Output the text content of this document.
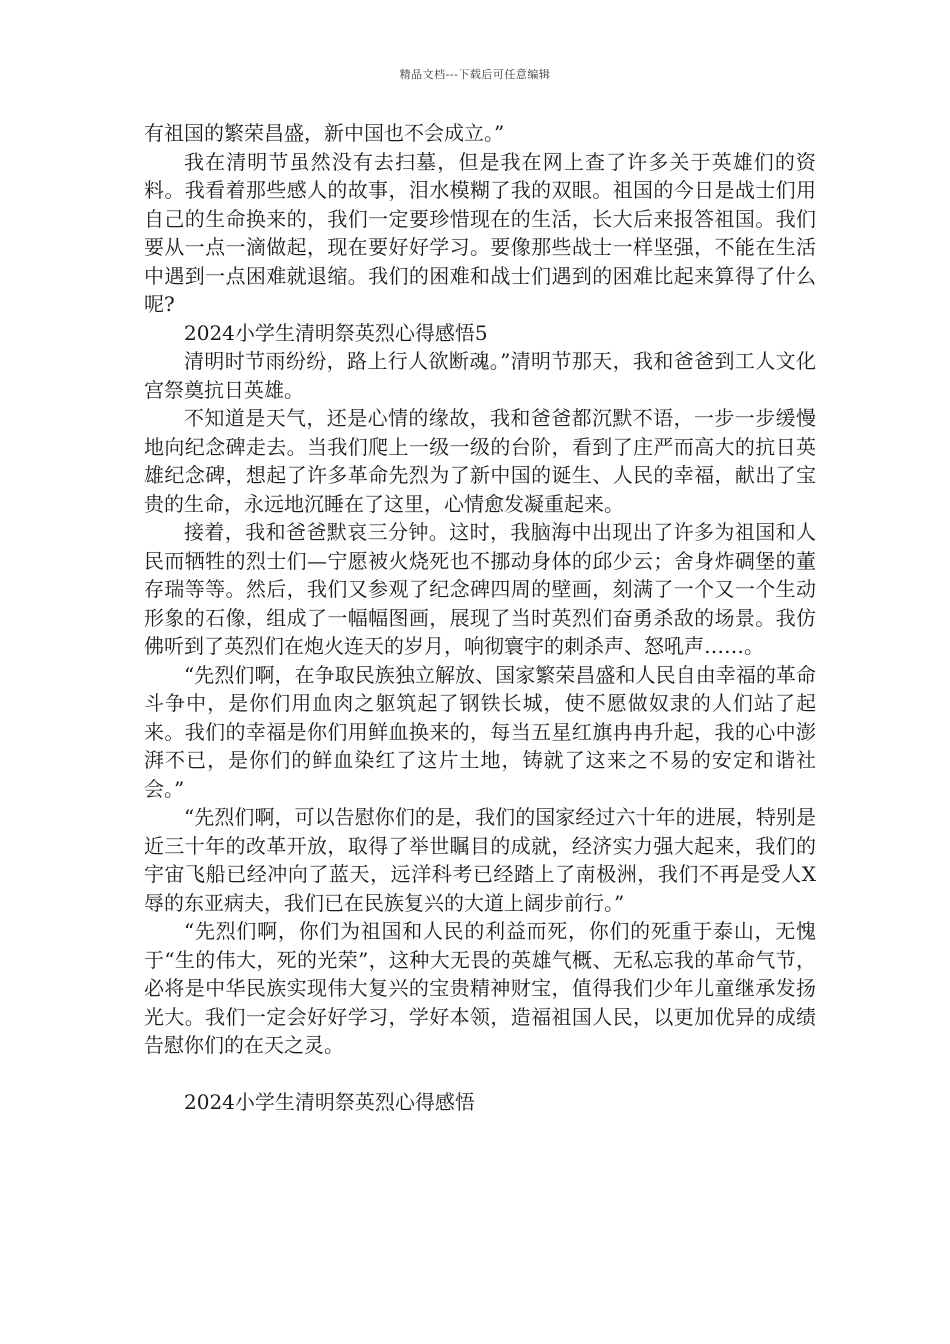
精品文档---下载后可任意编辑

有祖国的繁荣昌盛，新中国也不会成立。”

我在清明节虽然没有去扫墓，但是我在网上查了许多关于英雄们的资料。我看着那些感人的故事，泪水模糊了我的双眼。祖国的今日是战士们用自己的生命换来的，我们一定要珍惜现在的生活，长大后来报答祖国。我们要从一点一滴做起，现在要好好学习。要像那些战士一样坚强，不能在生活中遇到一点困难就退缩。我们的困难和战士们遇到的困难比起来算得了什么呢?

2024小学生清明祭英烈心得感悟5

清明时节雨纷纷，路上行人欲断魂。”清明节那天，我和爸爸到工人文化宫祭奠抗日英雄。

不知道是天气，还是心情的缘故，我和爸爸都沉默不语，一步一步缓慢地向纪念碑走去。当我们爬上一级一级的台阶，看到了庄严而高大的抗日英雄纪念碑，想起了许多革命先烈为了新中国的诞生、人民的幸福，献出了宝贵的生命，永远地沉睡在了这里，心情愈发凝重起来。

接着，我和爸爸默哀三分钟。这时，我脑海中出现出了许多为祖国和人民而牺牲的烈士们—宁愿被火烧死也不挪动身体的邱少云；舍身炸碉堡的董存瑞等等。然后，我们又参观了纪念碑四周的壁画，刻满了一个又一个生动形象的石像，组成了一幅幅图画，展现了当时英烈们奋勇杀敌的场景。我仿佛听到了英烈们在炮火连天的岁月，响彻寰宇的刺杀声、怒吼声……。

“先烈们啊，在争取民族独立解放、国家繁荣昌盛和人民自由幸福的革命斗争中，是你们用血肉之躯筑起了钢铁长城，使不愿做奴隶的人们站了起来。我们的幸福是你们用鲜血换来的，每当五星红旗冉冉升起，我的心中澎湃不已，是你们的鲜血染红了这片土地，铸就了这来之不易的安定和谐社会。”

“先烈们啊，可以告慰你们的是，我们的国家经过六十年的进展，特别是近三十年的改革开放，取得了举世瞩目的成就，经济实力强大起来，我们的宇宙飞船已经冲向了蓝天，远洋科考已经踏上了南极洲，我们不再是受人X辱的东亚病夫，我们已在民族复兴的大道上阔步前行。”

“先烈们啊，你们为祖国和人民的利益而死，你们的死重于泰山，无愧于“生的伟大，死的光荣”，这种大无畏的英雄气概、无私忘我的革命气节，必将是中华民族实现伟大复兴的宝贵精神财宝，值得我们少年儿童继承发扬光大。我们一定会好好学习，学好本领，造福祖国人民，以更加优异的成绩告慰你们的在天之灵。

2024小学生清明祭英烈心得感悟
